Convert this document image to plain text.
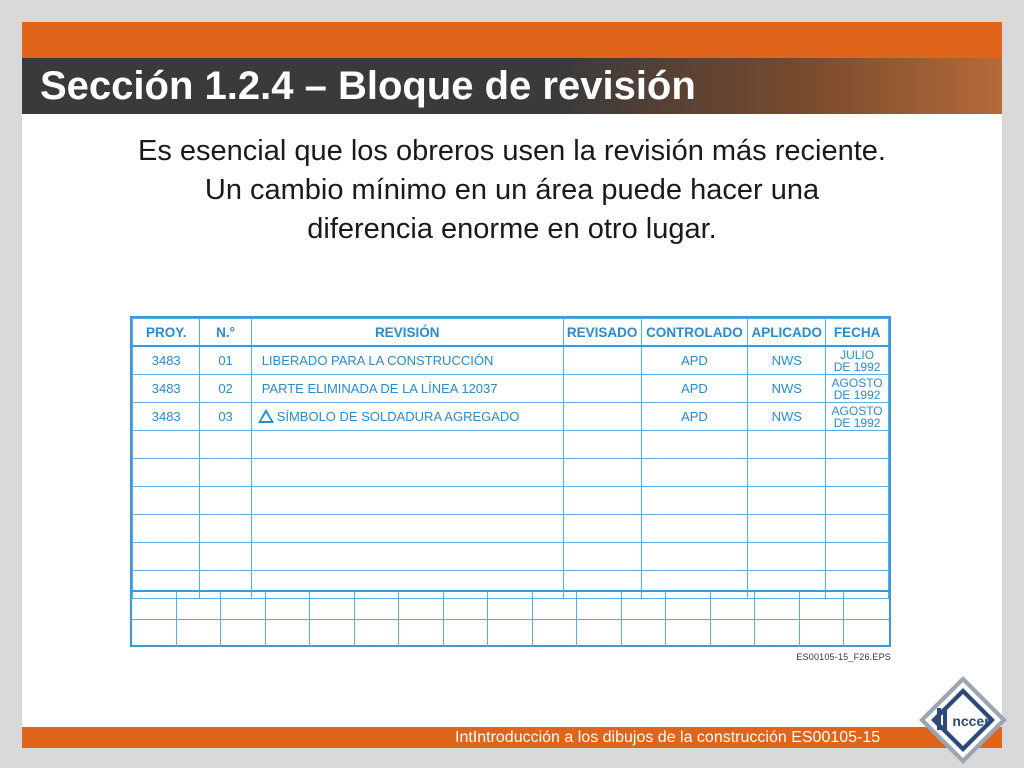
Sección 1.2.4 – Bloque de revisión
Es esencial que los obreros usen la revisión más reciente.
Un cambio mínimo en un área puede hacer una
diferencia enorme en otro lugar.
PROY.	N.°	REVISIÓN	REVISADO	CONTROLADO	APLICADO	FECHA
3483	01	LIBERADO PARA LA CONSTRUCCIÓN		APD	NWS	JULIO
DE 1992

3483	02	PARTE ELIMINADA DE LA LÍNEA 12037		APD	NWS	AGOSTO
DE 1992

3483	03	SÍMBOLO DE SOLDADURA AGREGADO		APD	NWS	AGOSTO
DE 1992

ES00105-15_F26.EPS
IntIntroducción a los dibujos de la construcción ES00105-15
nccer
